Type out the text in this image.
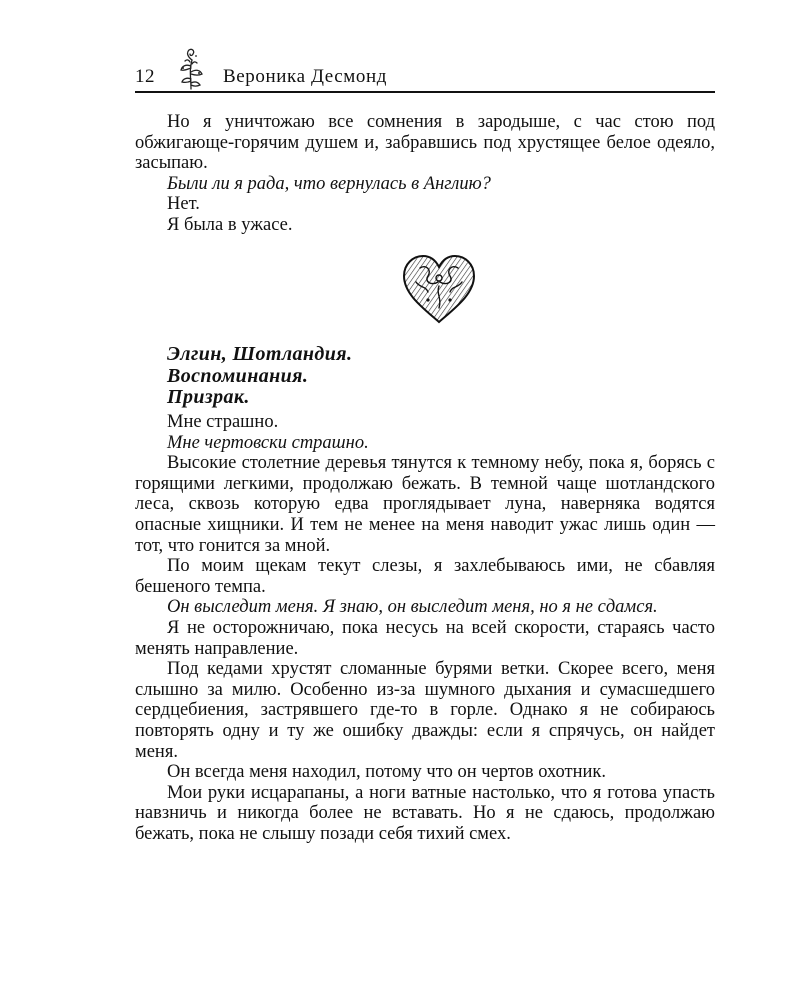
12	Вероника Десмонд

Но я уничтожаю все сомнения в зародыше, с час стою под обжигающе-горячим душем и, забравшись под хрустящее белое одеяло, засыпаю.

Были ли я рада, что вернулась в Англию?

Нет.

Я была в ужасе.

Элгин, Шотландия.
Воспоминания.
Призрак.

Мне страшно.

Мне чертовски страшно.

Высокие столетние деревья тянутся к темному небу, пока я, борясь с горящими легкими, продолжаю бежать. В темной чаще шотландского леса, сквозь которую едва проглядывает луна, наверняка водятся опасные хищники. И тем не менее на меня наводит ужас лишь один — тот, что гонится за мной.

По моим щекам текут слезы, я захлебываюсь ими, не сбавляя бешеного темпа.

Он выследит меня. Я знаю, он выследит меня, но я не сдамся.

Я не осторожничаю, пока несусь на всей скорости, стараясь часто менять направление.

Под кедами хрустят сломанные бурями ветки. Скорее всего, меня слышно за милю. Особенно из-за шумного дыхания и сумасшедшего сердцебиения, застрявшего где-то в горле. Однако я не собираюсь повторять одну и ту же ошибку дважды: если я спрячусь, он найдет меня.

Он всегда меня находил, потому что он чертов охотник.

Мои руки исцарапаны, а ноги ватные настолько, что я готова упасть навзничь и никогда более не вставать. Но я не сдаюсь, продолжаю бежать, пока не слышу позади себя тихий смех.
